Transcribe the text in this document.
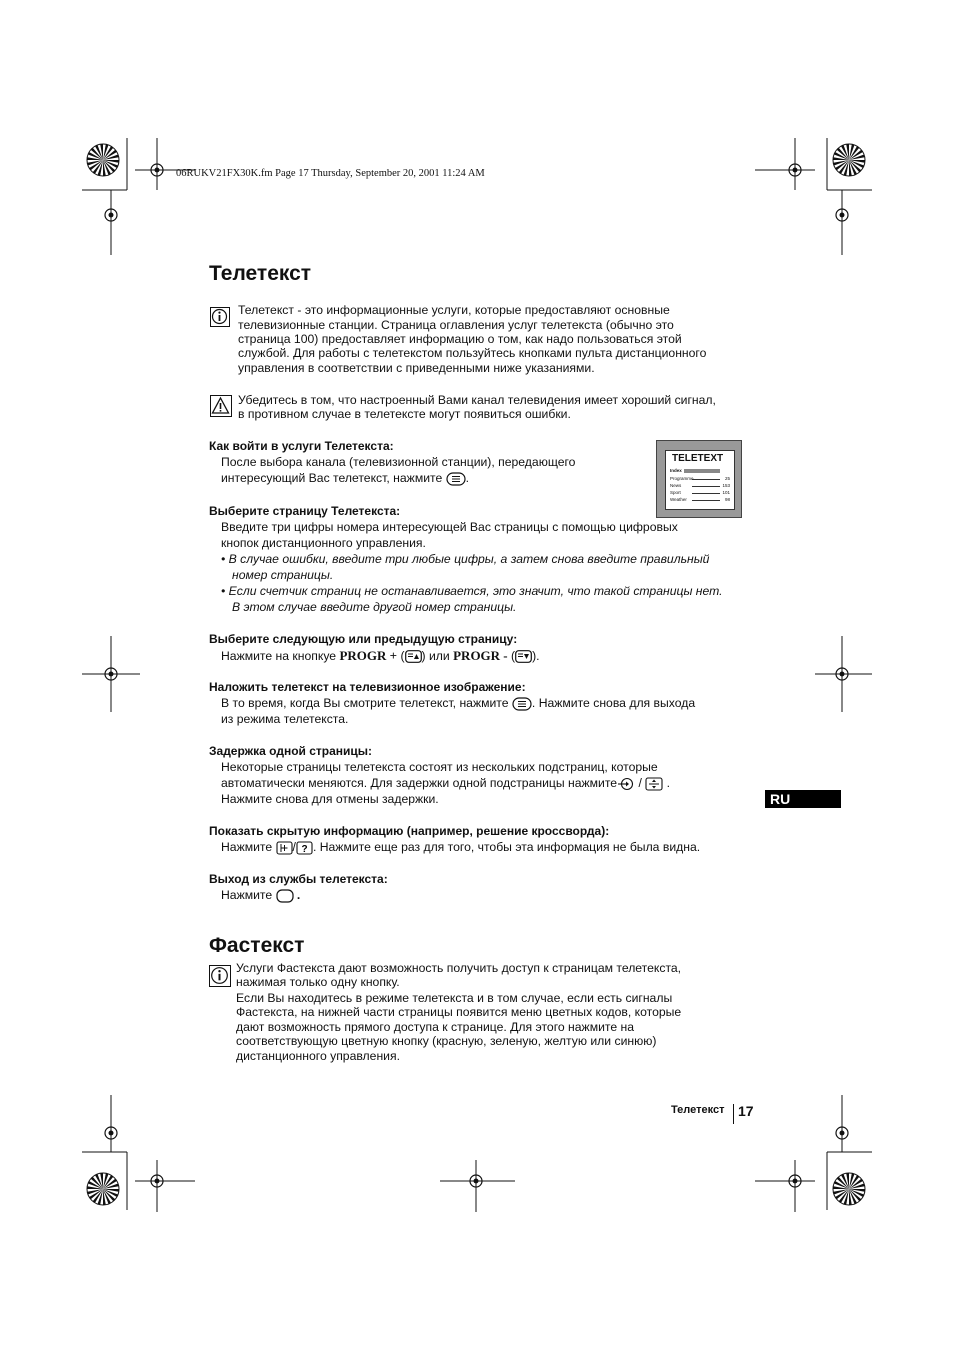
06RUKV21FX30K.fm Page 17 Thursday, September 20, 2001 11:24 AM
Телетекст
Телетекст - это информационные услуги, которые предоставляют основные
телевизионные станции. Страница оглавления услуг телетекста (обычно это
страница 100) предоставляет информацию о том, как надо пользоваться этой
службой. Для работы с телетекстом пользуйтесь кнопками пульта дистанционного
управления в соответствии с приведенными ниже указаниями.
Убедитесь в том, что настроенный Вами канал телевидения имеет хороший сигнал,
в противном случае в телетексте могут появиться ошибки.
Как войти в услуги Телетекста:
После выбора канала (телевизионной станции), передающего
интересующий Вас телетекст, нажмите .
TELETEXT
Index
Programme	25
News	153
Sport	101
Weather	98
Выберите страницу Телетекста:
Введите три цифры номера интересующей Вас страницы с помощью цифровых
кнопок дистанционного управления.
• В случае ошибки, введите три любые цифры, а затем снова введите правильный
номер страницы.
• Если счетчик страниц не останавливается, это значит, что такой страницы нет.
В этом случае введите другой номер страницы.
Выберите следующую или предыдущую страницу:
Нажмите на кнопкуе PROGR + ( ) или PROGR - ( ).
Наложить телетекст на телевизионное изображение:
В то время, когда Вы смотрите телетекст, нажмите . Нажмите снова для выхода
из режима телетекста.
Задержка одной страницы:
Некоторые страницы телетекста состоят из нескольких подстраниц, которые
автоматически меняются. Для задержки одной подстраницы нажмите /  .
Нажмите снова для отмены задержки.
Показать скрытую информацию (например, решение кроссворда):
Нажмите / ? . Нажмите еще раз для того, чтобы эта информация не была видна.
Выход из службы телетекста:
Нажмите  .
Фастекст
Услуги Фастекста дают возможность получить доступ к страницам телетекста,
нажимая только одну кнопку.
Если Вы находитесь в режиме телетекста и в том случае, если есть сигналы
Фастекста, на нижней части страницы появится меню цветных кодов, которые
дают возможность прямого доступа к странице. Для этого нажмите на
соответствующую цветную кнопку (красную, зеленую, желтую или синюю)
дистанционного управления.
RU
Телетекст 17
